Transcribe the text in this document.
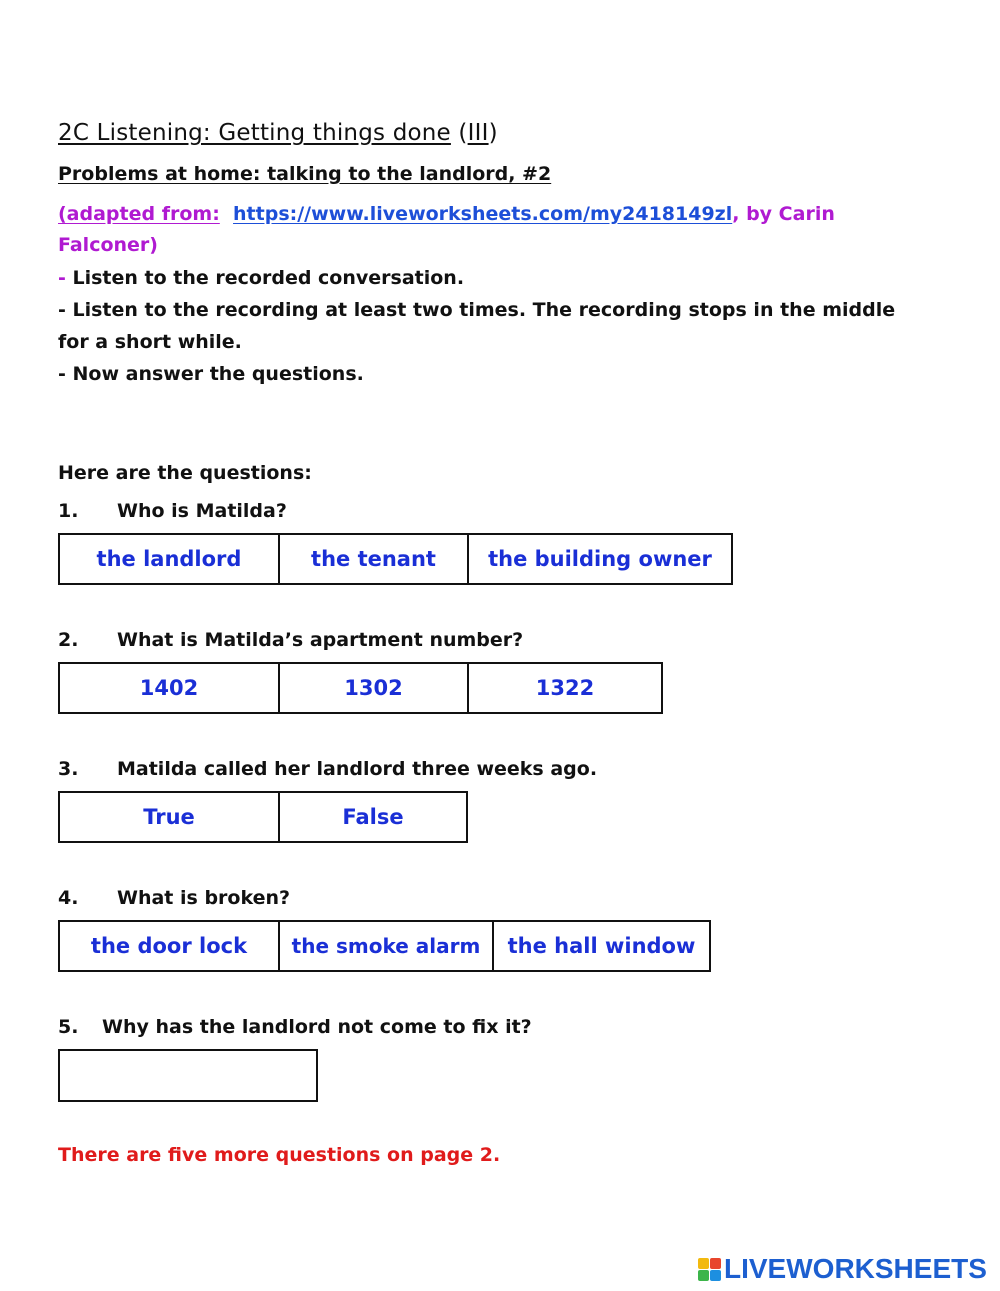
2C Listening: Getting things done (III)
Problems at home: talking to the landlord, #2
(adapted from: https://www.liveworksheets.com/my2418149zl, by Carin Falconer)

- Listen to the recorded conversation.

- Listen to the recording at least two times. The recording stops in the middle for a short while.

- Now answer the questions.

Here are the questions:
1. Who is Matilda?
the landlord	the tenant	the building owner
2. What is Matilda’s apartment number?
1402	1302	1322
3. Matilda called her landlord three weeks ago.
True	False
4. What is broken?
the door lock	the smoke alarm	the hall window
5. Why has the landlord not come to fix it?
There are five more questions on page 2.
LIVEWORKSHEETS
